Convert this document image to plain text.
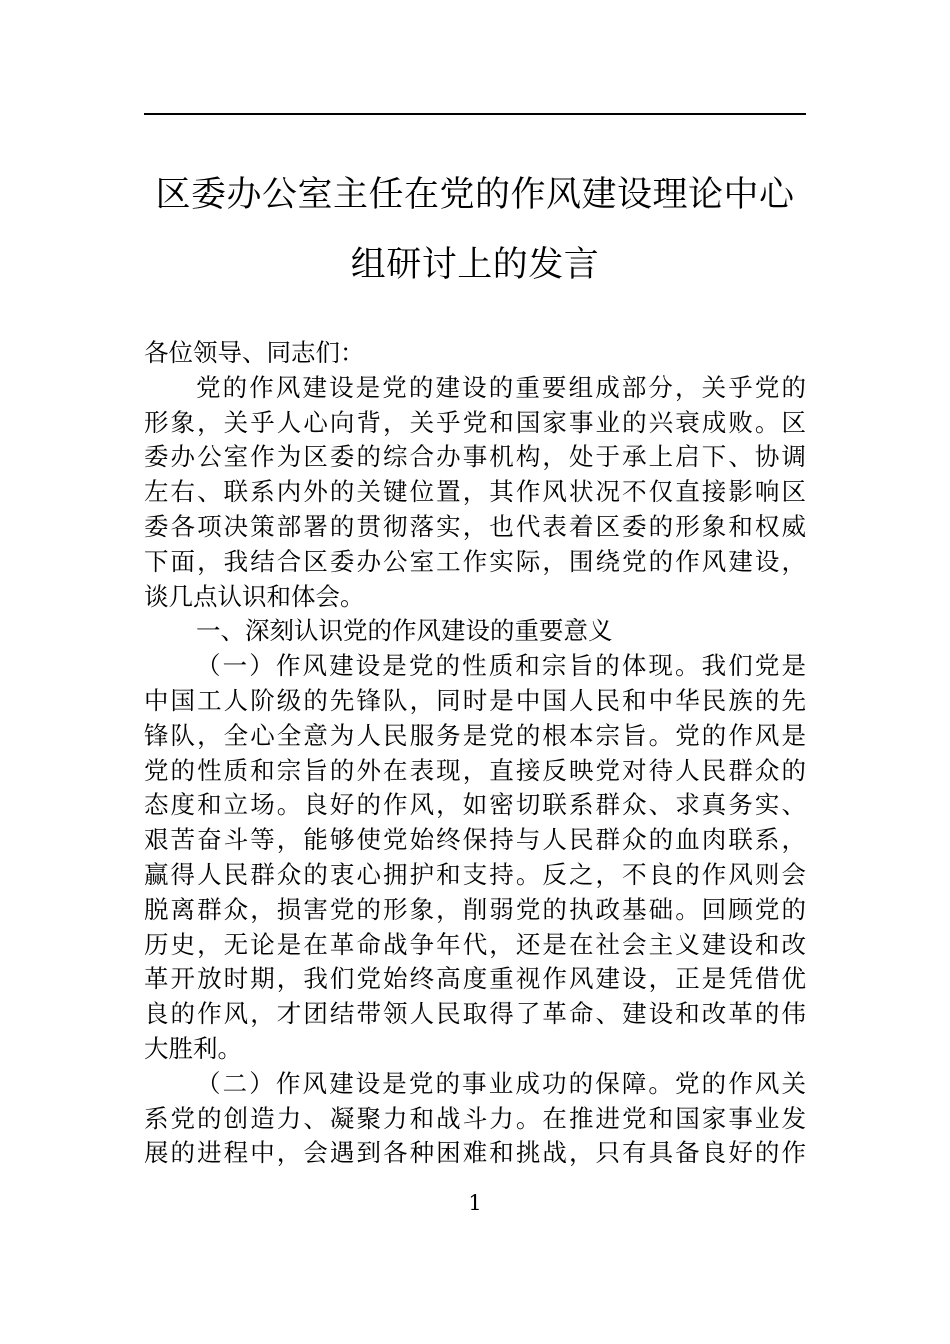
区委办公室主任在党的作风建设理论中心
组研讨上的发言
各位领导、同志们：
党的作风建设是党的建设的重要组成部分，关乎党的
形象，关乎人心向背，关乎党和国家事业的兴衰成败。区
委办公室作为区委的综合办事机构，处于承上启下、协调
左右、联系内外的关键位置，其作风状况不仅直接影响区
委各项决策部署的贯彻落实，也代表着区委的形象和权威
下面，我结合区委办公室工作实际，围绕党的作风建设，
谈几点认识和体会。
一、深刻认识党的作风建设的重要意义
（一）作风建设是党的性质和宗旨的体现。我们党是
中国工人阶级的先锋队，同时是中国人民和中华民族的先
锋队，全心全意为人民服务是党的根本宗旨。党的作风是
党的性质和宗旨的外在表现，直接反映党对待人民群众的
态度和立场。良好的作风，如密切联系群众、求真务实、
艰苦奋斗等，能够使党始终保持与人民群众的血肉联系，
赢得人民群众的衷心拥护和支持。反之，不良的作风则会
脱离群众，损害党的形象，削弱党的执政基础。回顾党的
历史，无论是在革命战争年代，还是在社会主义建设和改
革开放时期，我们党始终高度重视作风建设，正是凭借优
良的作风，才团结带领人民取得了革命、建设和改革的伟
大胜利。
（二）作风建设是党的事业成功的保障。党的作风关
系党的创造力、凝聚力和战斗力。在推进党和国家事业发
展的进程中，会遇到各种困难和挑战，只有具备良好的作
1
